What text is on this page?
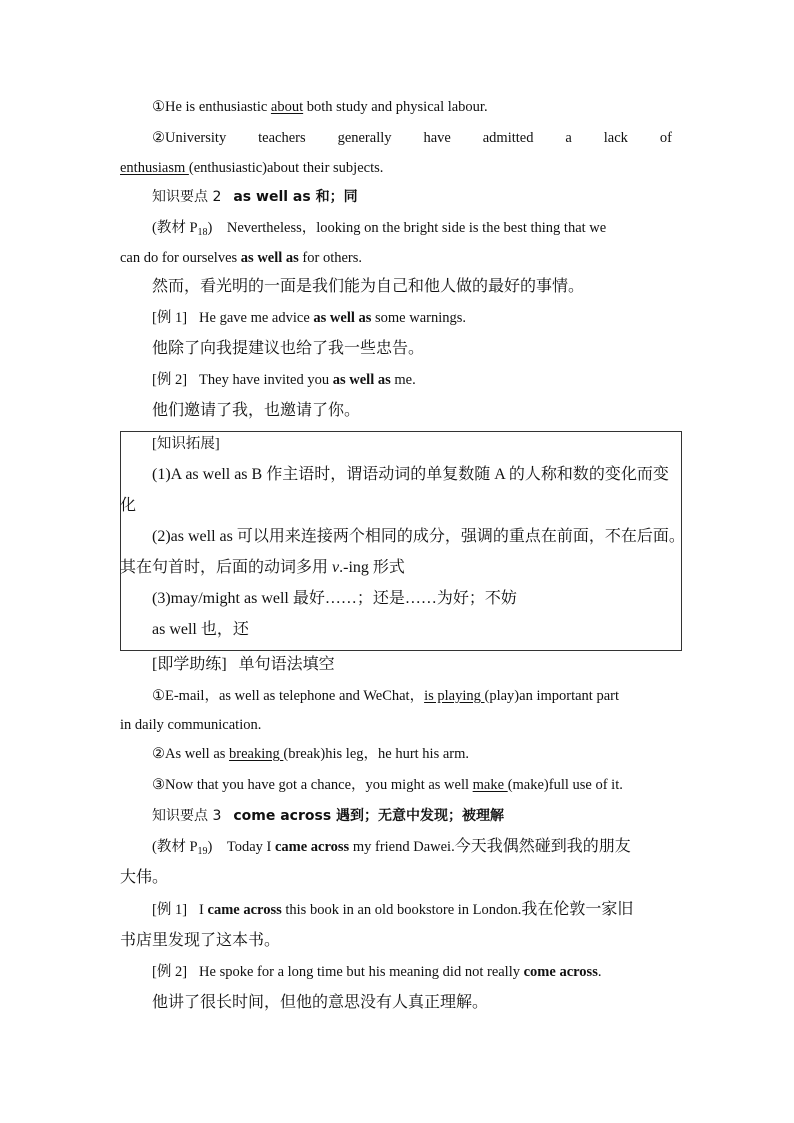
①He is enthusiastic about both study and physical labour.
②University teachers generally have admitted a lack of
enthusiasm (enthusiastic)about their subjects.
知识要点 2 as well as 和；同
(教材 $P_{18}$)　Nevertheless，looking on the bright side is the best thing that we
can do for ourselves as well as for others.
然而，看光明的一面是我们能为自己和他人做的最好的事情。
[例 1] He gave me advice as well as some warnings.
他除了向我提建议也给了我一些忠告。
[例 2] They have invited you as well as me.
他们邀请了我，也邀请了你。
[知识拓展]
(1)A as well as B 作主语时，谓语动词的单复数随 A 的人称和数的变化而变
化
(2)as well as 可以用来连接两个相同的成分，强调的重点在前面，不在后面。
其在句首时，后面的动词多用 v.-ing 形式
(3)may/might as well 最好……；还是……为好；不妨
as well 也，还
[即学助练] 单句语法填空
①E-mail，as well as telephone and WeChat，is playing (play)an important part
in daily communication.
②As well as breaking (break)his leg，he hurt his arm.
③Now that you have got a chance，you might as well make (make)full use of it.
知识要点 3 come across 遇到；无意中发现；被理解
(教材 $P_{19}$)　Today I came across my friend Dawei.今天我偶然碰到我的朋友
大伟。
[例 1] I came across this book in an old bookstore in London.我在伦敦一家旧
书店里发现了这本书。
[例 2] He spoke for a long time but his meaning did not really come across.
他讲了很长时间，但他的意思没有人真正理解。
